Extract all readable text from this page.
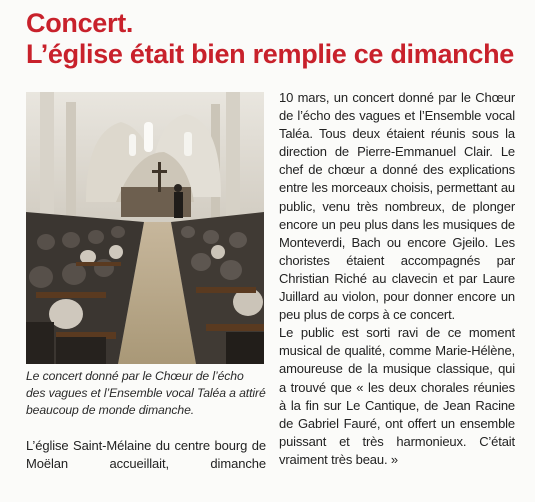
Concert.
L’église était bien remplie ce dimanche
Le concert donné par le Chœur de l’écho des vagues et l’Ensemble vocal Taléa a attiré beaucoup de monde dimanche.
L’église Saint-Mélaine du centre bourg de Moëlan accueillait, dimanche

10 mars, un concert donné par le Chœur de l’écho des vagues et l’Ensemble vocal Taléa. Tous deux étaient réunis sous la direction de Pierre-Emmanuel Clair. Le chef de chœur a donné des explications entre les morceaux choisis, permettant au public, venu très nombreux, de plonger encore un peu plus dans les musiques de Monteverdi, Bach ou encore Gjeilo. Les choristes étaient accompagnés par Christian Riché au clavecin et par Laure Juillard au violon, pour donner encore un peu plus de corps à ce concert.

Le public est sorti ravi de ce moment musical de qualité, comme Marie-Hélène, amoureuse de la musique classique, qui a trouvé que « les deux chorales réunies à la fin sur Le Cantique, de Jean Racine de Gabriel Fauré, ont offert un ensemble puissant et très harmonieux. C’était vraiment très beau. »
